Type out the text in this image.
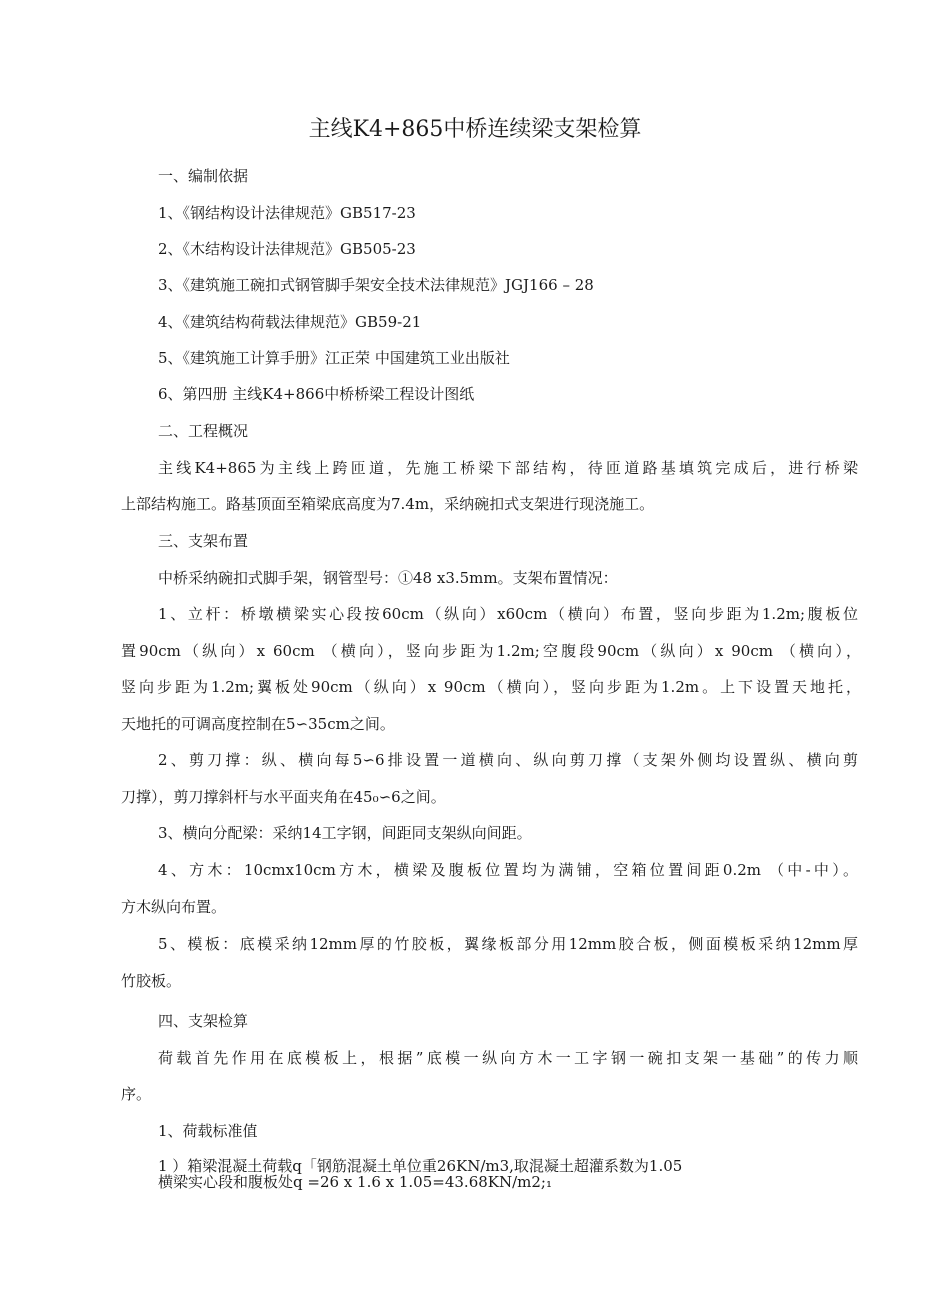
主线K4+865中桥连续梁支架检算
一、编制依据
1、《钢结构设计法律规范》GB517-23
2、《木结构设计法律规范》GB505-23
3、《建筑施工碗扣式钢管脚手架安全技术法律规范》JGJ166 – 28
4、《建筑结构荷载法律规范》GB59-21
5、《建筑施工计算手册》江正荣 中国建筑工业出版社
6、第四册 主线K4+866中桥桥梁工程设计图纸
二、工程概况
主线K4+865为主线上跨匝道，先施工桥梁下部结构，待匝道路基填筑完成后，进行桥梁
上部结构施工。路基顶面至箱梁底高度为7.4m，采纳碗扣式支架进行现浇施工。
三、支架布置
中桥采纳碗扣式脚手架，钢管型号：①48 x3.5mm。支架布置情况：
1、立杆：桥墩横梁实心段按60cm（纵向）x60cm（横向）布置，竖向步距为1.2m;腹板位
置90cm（纵向）x 60cm （横向），竖向步距为1.2m;空腹段90cm（纵向）x 90cm （横向），
竖向步距为1.2m;翼板处90cm（纵向）x 90cm（横向），竖向步距为1.2m。上下设置天地托，
天地托的可调高度控制在5∽35cm之间。
2、剪刀撑：纵、横向每5∽6排设置一道横向、纵向剪刀撑（支架外侧均设置纵、横向剪
刀撑），剪刀撑斜杆与水平面夹角在45₀∽6之间。
3、横向分配梁：采纳14工字钢，间距同支架纵向间距。
4、方木：10cmx10cm方木，横梁及腹板位置均为满铺，空箱位置间距0.2m （中-中）。
方木纵向布置。
5、模板：底模采纳12mm厚的竹胶板，翼缘板部分用12mm胶合板，侧面模板采纳12mm厚
竹胶板。
四、支架检算
荷载首先作用在底模板上，根据”底模一纵向方木一工字钢一碗扣支架一基础”的传力顺
序。
1、荷载标准值
1 ）箱梁混凝土荷载q「钢筋混凝土单位重26KN/m3,取混凝土超灌系数为1.05
横梁实心段和腹板处q =26 x 1.6 x 1.05=43.68KN/m2;₁
